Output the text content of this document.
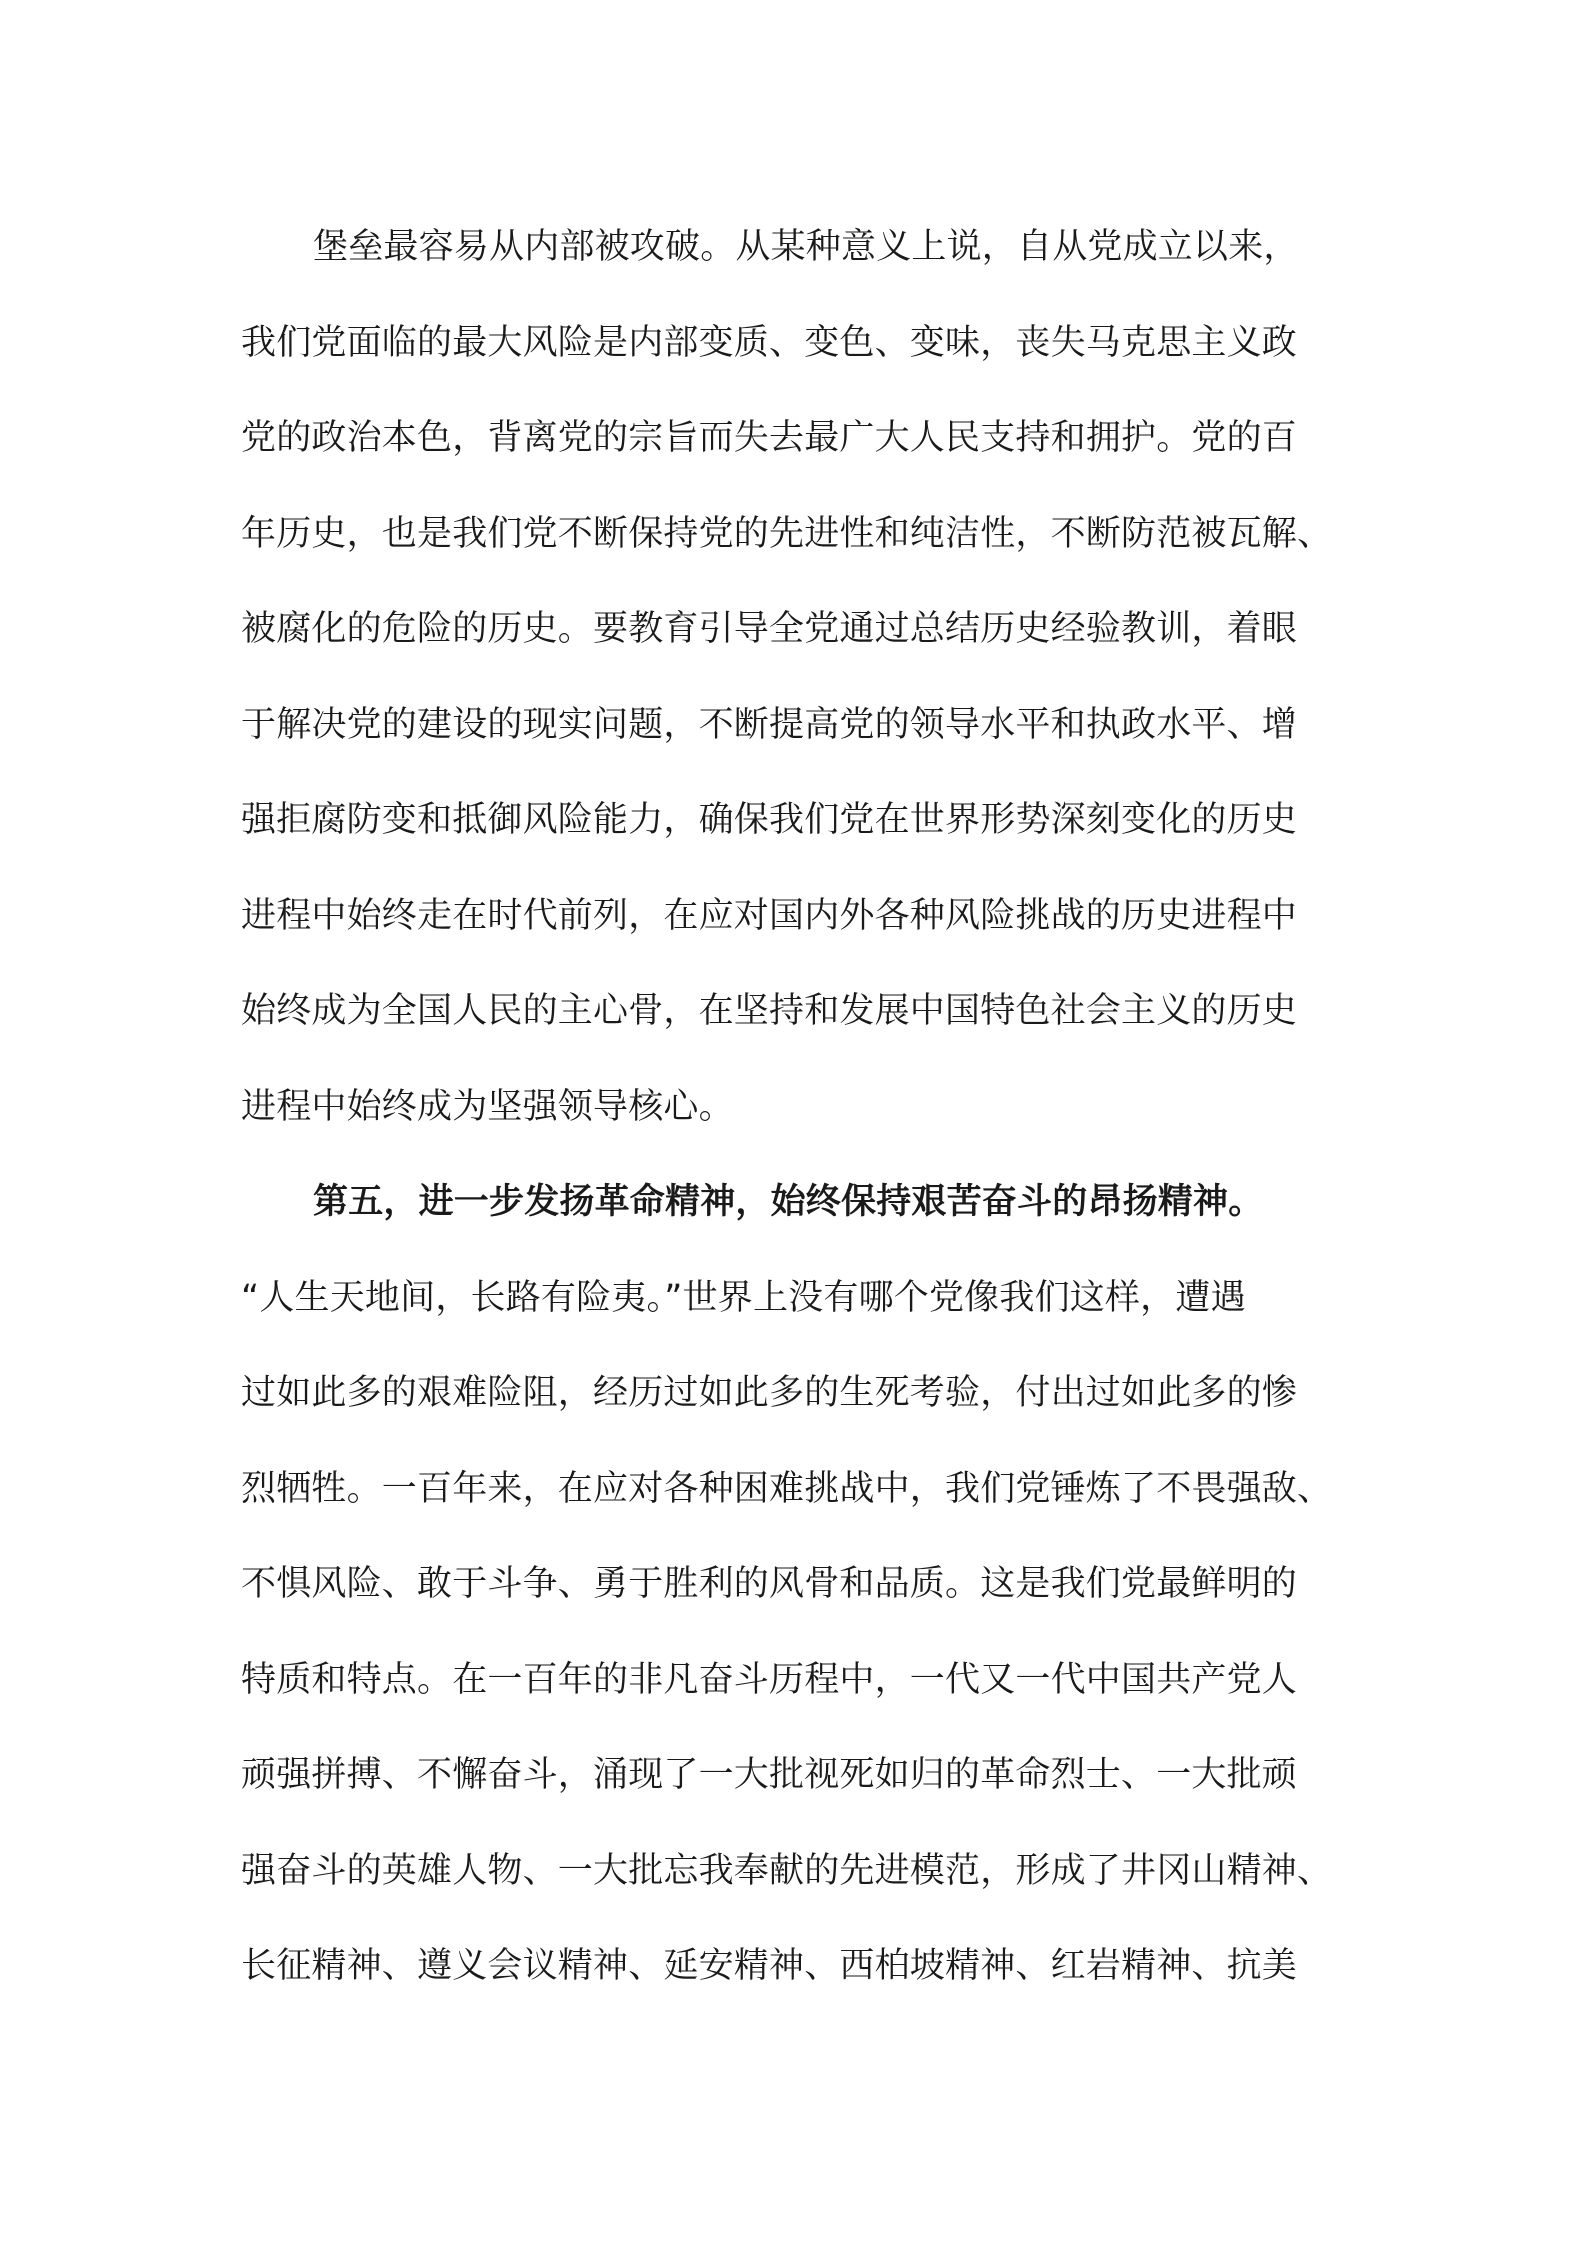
堡垒最容易从内部被攻破。从某种意义上说，自从党成立以来，
我们党面临的最大风险是内部变质、变色、变味，丧失马克思主义政
党的政治本色，背离党的宗旨而失去最广大人民支持和拥护。党的百
年历史，也是我们党不断保持党的先进性和纯洁性，不断防范被瓦解、
被腐化的危险的历史。要教育引导全党通过总结历史经验教训，着眼
于解决党的建设的现实问题，不断提高党的领导水平和执政水平、增
强拒腐防变和抵御风险能力，确保我们党在世界形势深刻变化的历史
进程中始终走在时代前列，在应对国内外各种风险挑战的历史进程中
始终成为全国人民的主心骨，在坚持和发展中国特色社会主义的历史
进程中始终成为坚强领导核心。
第五，进一步发扬革命精神，始终保持艰苦奋斗的昂扬精神。
“人生天地间，长路有险夷。”世界上没有哪个党像我们这样，遭遇
过如此多的艰难险阻，经历过如此多的生死考验，付出过如此多的惨
烈牺牲。一百年来，在应对各种困难挑战中，我们党锤炼了不畏强敌、
不惧风险、敢于斗争、勇于胜利的风骨和品质。这是我们党最鲜明的
特质和特点。在一百年的非凡奋斗历程中，一代又一代中国共产党人
顽强拼搏、不懈奋斗，涌现了一大批视死如归的革命烈士、一大批顽
强奋斗的英雄人物、一大批忘我奉献的先进模范，形成了井冈山精神、
长征精神、遵义会议精神、延安精神、西柏坡精神、红岩精神、抗美
